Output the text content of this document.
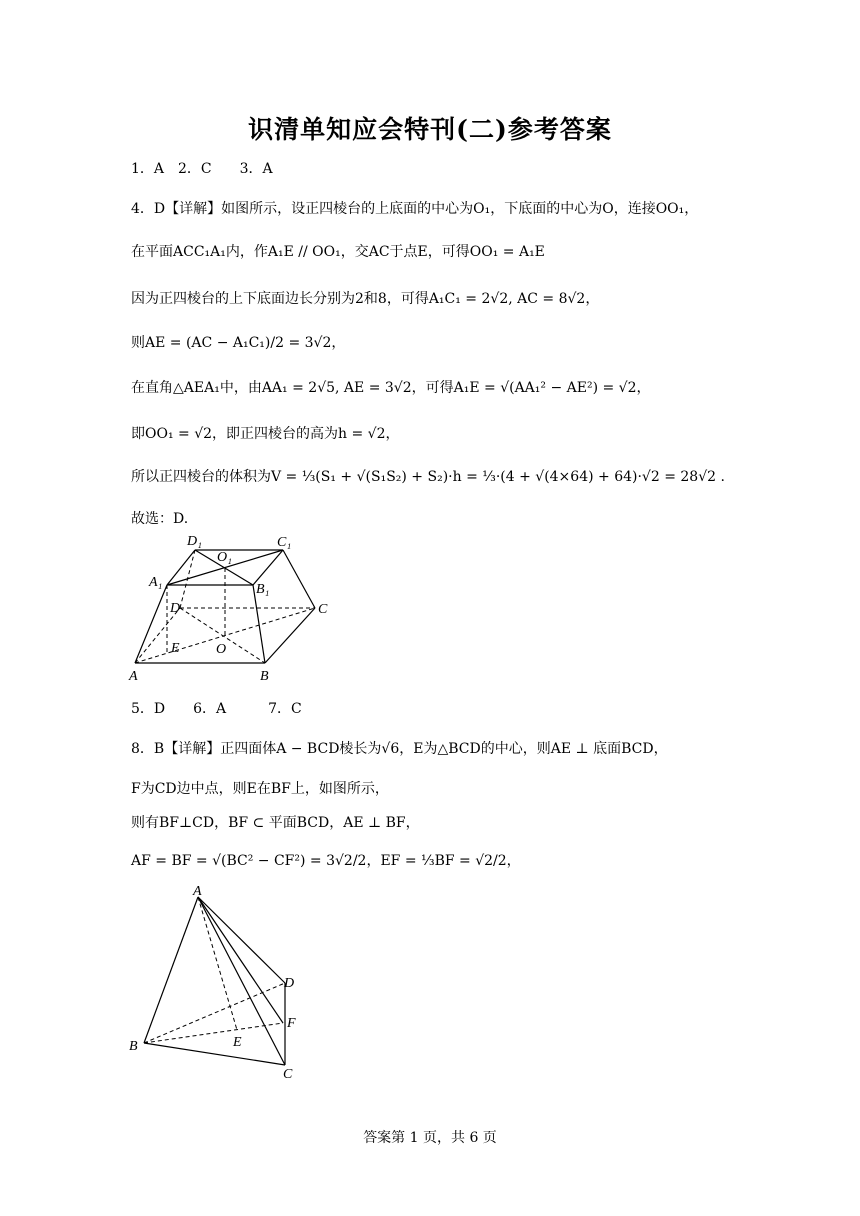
识清单知应会特刊(二)参考答案
1．A　2．C　　3．A
4．D【详解】如图所示，设正四棱台的上底面的中心为O₁，下底面的中心为O，连接OO₁，
在平面ACC₁A₁内，作A₁E // OO₁，交AC于点E，可得OO₁ = A₁E
因为正四棱台的上下底面边长分别为2和8，可得A₁C₁ = 2√2, AC = 8√2，
则AE = (AC − A₁C₁)/2 = 3√2，
在直角△AEA₁中，由AA₁ = 2√5, AE = 3√2，可得A₁E = √(AA₁² − AE²) = √2，
即OO₁ = √2，即正四棱台的高为h = √2，
所以正四棱台的体积为V = ⅓(S₁ + √(S₁S₂) + S₂)·h = ⅓·(4 + √(4×64) + 64)·√2 = 28√2 .
故选：D.
D₁	C₁
O₁
A₁	B₁
D	C
E	O
A	B
5．D　　6．A　　　7．C
8．B【详解】正四面体A − BCD棱长为√6，E为△BCD的中心，则AE ⊥ 底面BCD，
F为CD边中点，则E在BF上，如图所示，
则有BF⊥CD，BF ⊂ 平面BCD，AE ⊥ BF，
AF = BF = √(BC² − CF²) = 3√2/2，EF = ⅓BF = √2/2，
A
D
F
B	E
C
答案第 1 页，共 6 页
